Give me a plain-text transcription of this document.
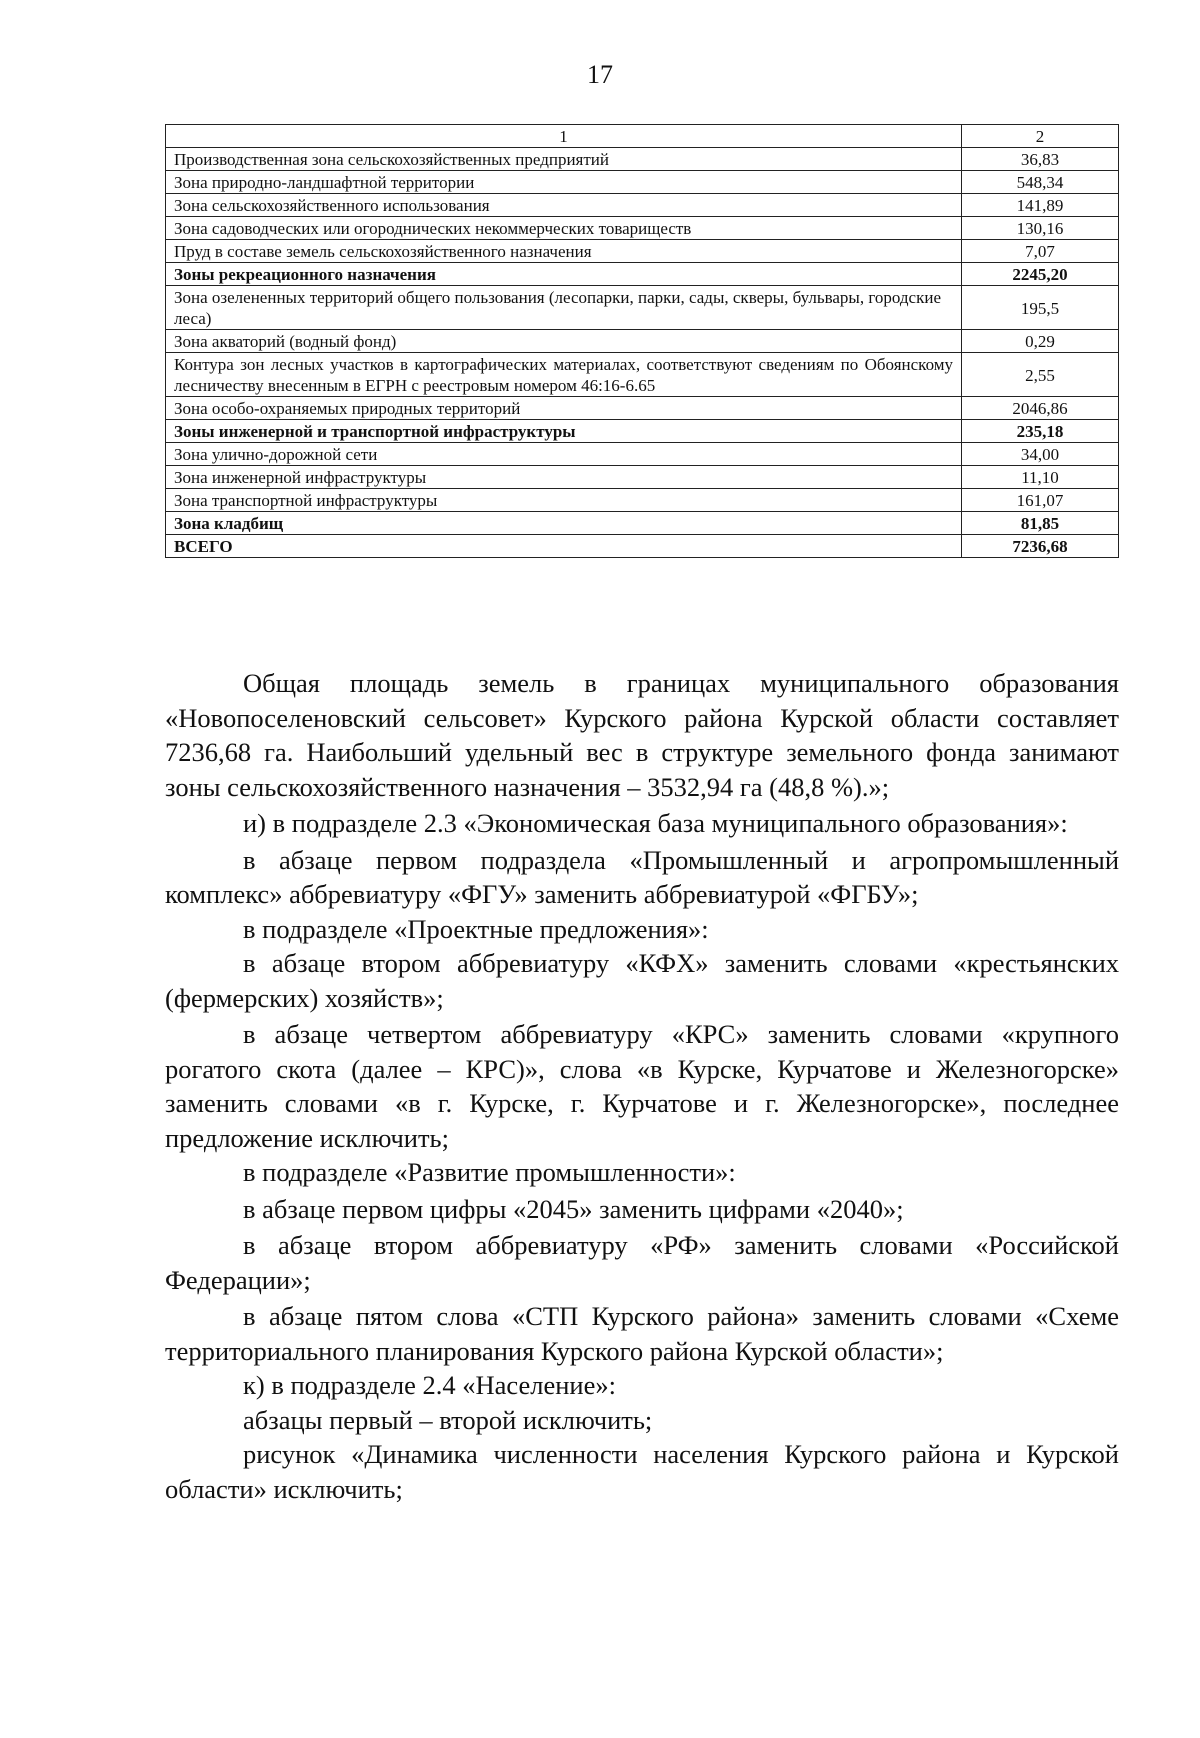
17
1	2
Производственная зона сельскохозяйственных предприятий	36,83
Зона природно-ландшафтной территории	548,34
Зона сельскохозяйственного использования	141,89
Зона садоводческих или огороднических некоммерческих товариществ	130,16
Пруд в составе земель сельскохозяйственного назначения	7,07
Зоны рекреационного назначения	2245,20
Зона озелененных территорий общего пользования (лесопарки, парки, сады, скверы, бульвары, городские леса)	195,5
Зона акваторий (водный фонд)	0,29
Контура зон лесных участков в картографических материалах, соответствуют сведениям по Обоянскому лесничеству внесенным в ЕГРН с реестровым номером 46:16-6.65	2,55
Зона особо-охраняемых природных территорий	2046,86
Зоны инженерной и транспортной инфраструктуры	235,18
Зона улично-дорожной сети	34,00
Зона инженерной инфраструктуры	11,10
Зона транспортной инфраструктуры	161,07
Зона кладбищ	81,85
ВСЕГО	7236,68

Общая площадь земель в границах муниципального образования «Новопоселеновский сельсовет» Курского района Курской области составляет 7236,68 га. Наибольший удельный вес в структуре земельного фонда занимают зоны сельскохозяйственного назначения – 3532,94 га (48,8 %).»;

и) в подразделе 2.3 «Экономическая база муниципального образования»:

в абзаце первом подраздела «Промышленный и агропромышленный комплекс» аббревиатуру «ФГУ» заменить аббревиатурой «ФГБУ»;

в подразделе «Проектные предложения»:

в абзаце втором аббревиатуру «КФХ» заменить словами «крестьянских (фермерских) хозяйств»;

в абзаце четвертом аббревиатуру «КРС» заменить словами «крупного рогатого скота (далее – КРС)», слова «в Курске, Курчатове и Железногорске» заменить словами «в г. Курске, г. Курчатове и г. Железногорске», последнее предложение исключить;

в подразделе «Развитие промышленности»:

в абзаце первом цифры «2045» заменить цифрами «2040»;

в абзаце втором аббревиатуру «РФ» заменить словами «Российской Федерации»;

в абзаце пятом слова «СТП Курского района» заменить словами «Схеме территориального планирования Курского района Курской области»;

к) в подразделе 2.4 «Население»:

абзацы первый – второй исключить;

рисунок «Динамика численности населения Курского района и Курской области» исключить;
